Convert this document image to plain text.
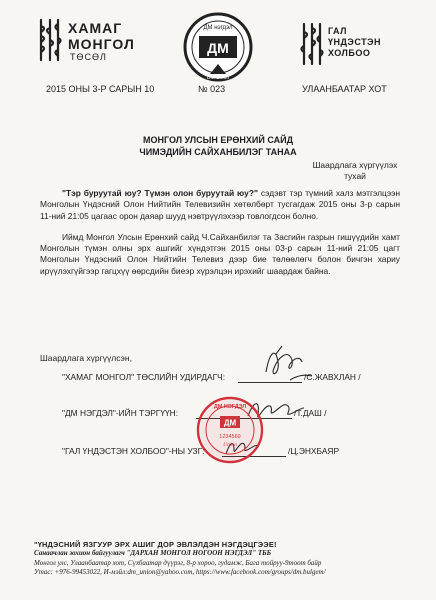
ХАМАГ
МОНГОЛ
ТӨСӨЛ
ДМ нэгдэл
ДМ
DM Union
ГАЛ
ҮНДЭСТЭН
ХОЛБОО
2015 ОНЫ 3-Р САРЫН 10	№ 023	УЛААНБААТАР ХОТ
МОНГОЛ УЛСЫН ЕРӨНХИЙ САЙД
ЧИМЭДИЙН САЙХАНБИЛЭГ ТАНАА
Шаардлага хүргүүлэх
тухай

"Тэр буруутай юу? Түмэн олон буруутай юу?" сэдэвт тэр түмний халз мэтгэлцээн Монголын Үндэсний Олон Нийтийн Телевизийн хөтөлбөрт тусгагдаж 2015 оны 3-р сарын 11-ний 21:05 цагаас орон даяар шууд нэвтрүүлэхээр товлогдсон болно.

Иймд Монгол Улсын Ерөнхий сайд Ч.Сайханбилэг та Засгийн газрын гишүүдийн хамт Монголын түмэн олны эрх ашгийг хүндэтгэн 2015 оны 03-р сарын 11-ний 21:05 цагт Монголын Үндэсний Олон Нийтийн Телевиз дээр бие төлөөлөгч болон бичгэн хариу ирүүлэхгүйгээр гагцхүү өөрсдийн биеэр хүрэлцэн ирэхийг шаардаж байна.

Шаардлага хүргүүлсэн,
"ХАМАГ МОНГОЛ" ТӨСЛИЙН УДИРДАГЧ:	/С.ЖАВХЛАН /
"ДМ НЭГДЭЛ"-ИЙН ТЭРГҮҮН:	/Т.ДАШ /
"ГАЛ ҮНДЭСТЭН ХОЛБОО"-НЫ УЗГ:	/Ц.ЭНХБАЯР
ДМ
ДМ НЭГДЭЛ
1234569
Union
"ҮНДЭСНИЙ ЯЗГУУР ЭРХ АШИГ ДОР ЭВЛЭЛДЭН НЭГДЭЦГЭЭЕ!
Санаачлан зохион байгуулагч "ДАРХАН МОНГОЛ НОГООН НЭГДЭЛ" ТББ
Монгол улс, Улаанбаатар хот, Сүхбаатар дүүрэг, 8-р хороо, гудамж, Бага тойруу-9тоот байр
Утас: +976-99453022, И-мэйл:dm_union@yahoo.com, https://www.facebook.com/groups/dm.bulgem/
